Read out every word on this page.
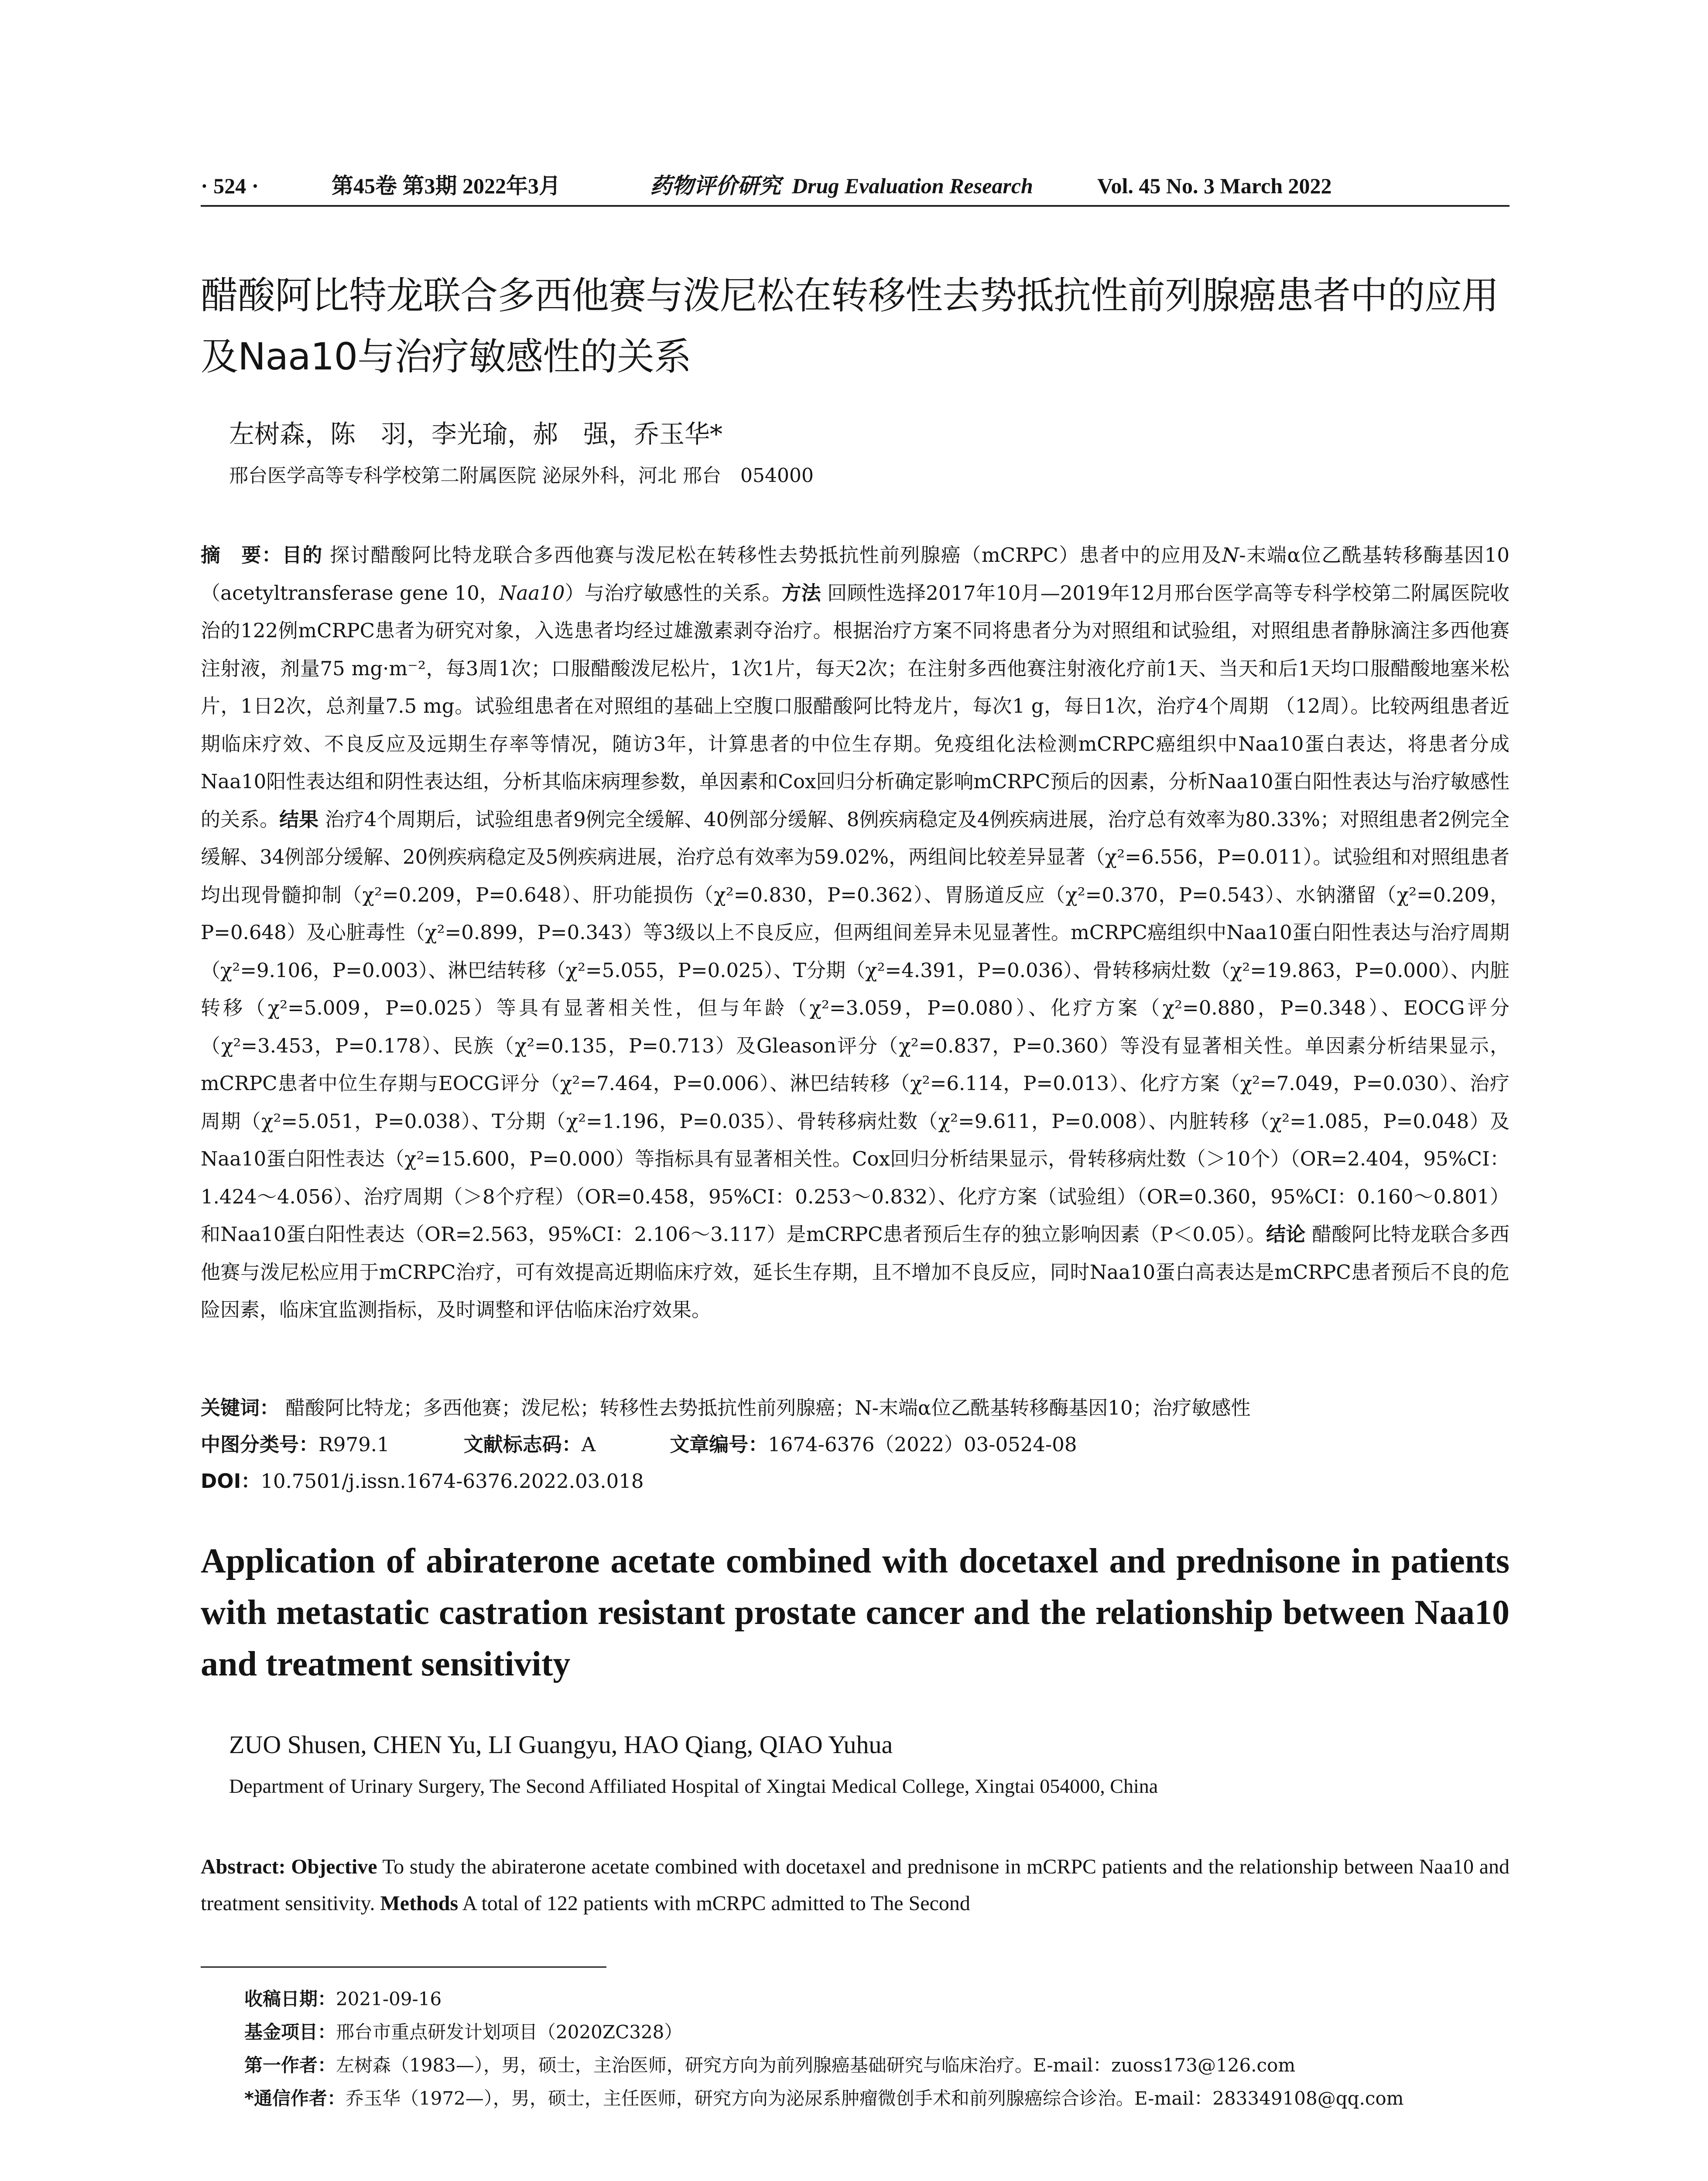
· 524 ·	第45卷 第3期 2022年3月	药物评价研究 Drug Evaluation Research	Vol. 45 No. 3 March 2022
醋酸阿比特龙联合多西他赛与泼尼松在转移性去势抵抗性前列腺癌患者中的应用及Naa10与治疗敏感性的关系
左树森，陈　羽，李光瑜，郝　强，乔玉华*
邢台医学高等专科学校第二附属医院 泌尿外科，河北 邢台　054000
摘　要：目的 探讨醋酸阿比特龙联合多西他赛与泼尼松在转移性去势抵抗性前列腺癌（mCRPC）患者中的应用及N-末端α位乙酰基转移酶基因10（acetyltransferase gene 10，Naa10）与治疗敏感性的关系。方法 回顾性选择2017年10月—2019年12月邢台医学高等专科学校第二附属医院收治的122例mCRPC患者为研究对象，入选患者均经过雄激素剥夺治疗。根据治疗方案不同将患者分为对照组和试验组，对照组患者静脉滴注多西他赛注射液，剂量75 mg·m⁻²，每3周1次；口服醋酸泼尼松片，1次1片，每天2次；在注射多西他赛注射液化疗前1天、当天和后1天均口服醋酸地塞米松片，1日2次，总剂量7.5 mg。试验组患者在对照组的基础上空腹口服醋酸阿比特龙片，每次1 g，每日1次，治疗4个周期 （12周）。比较两组患者近期临床疗效、不良反应及远期生存率等情况，随访3年，计算患者的中位生存期。免疫组化法检测mCRPC癌组织中Naa10蛋白表达，将患者分成Naa10阳性表达组和阴性表达组，分析其临床病理参数，单因素和Cox回归分析确定影响mCRPC预后的因素，分析Naa10蛋白阳性表达与治疗敏感性的关系。结果 治疗4个周期后，试验组患者9例完全缓解、40例部分缓解、8例疾病稳定及4例疾病进展，治疗总有效率为80.33%；对照组患者2例完全缓解、34例部分缓解、20例疾病稳定及5例疾病进展，治疗总有效率为59.02%，两组间比较差异显著（χ²=6.556，P=0.011）。试验组和对照组患者均出现骨髓抑制（χ²=0.209，P=0.648）、肝功能损伤（χ²=0.830，P=0.362）、胃肠道反应（χ²=0.370，P=0.543）、水钠潴留（χ²=0.209，P=0.648）及心脏毒性（χ²=0.899，P=0.343）等3级以上不良反应，但两组间差异未见显著性。mCRPC癌组织中Naa10蛋白阳性表达与治疗周期（χ²=9.106，P=0.003）、淋巴结转移（χ²=5.055，P=0.025）、T分期（χ²=4.391，P=0.036）、骨转移病灶数（χ²=19.863，P=0.000）、内脏转移（χ²=5.009，P=0.025）等具有显著相关性，但与年龄（χ²=3.059，P=0.080）、化疗方案（χ²=0.880，P=0.348）、EOCG评分（χ²=3.453，P=0.178）、民族（χ²=0.135，P=0.713）及Gleason评分（χ²=0.837，P=0.360）等没有显著相关性。单因素分析结果显示，mCRPC患者中位生存期与EOCG评分（χ²=7.464，P=0.006）、淋巴结转移（χ²=6.114，P=0.013）、化疗方案（χ²=7.049，P=0.030）、治疗周期（χ²=5.051，P=0.038）、T分期（χ²=1.196，P=0.035）、骨转移病灶数（χ²=9.611，P=0.008）、内脏转移（χ²=1.085，P=0.048）及Naa10蛋白阳性表达（χ²=15.600，P=0.000）等指标具有显著相关性。Cox回归分析结果显示，骨转移病灶数（＞10个）（OR=2.404，95%CI：1.424～4.056）、治疗周期（＞8个疗程）（OR=0.458，95%CI：0.253～0.832）、化疗方案（试验组）（OR=0.360，95%CI：0.160～0.801）和Naa10蛋白阳性表达（OR=2.563，95%CI：2.106～3.117）是mCRPC患者预后生存的独立影响因素（P＜0.05）。结论 醋酸阿比特龙联合多西他赛与泼尼松应用于mCRPC治疗，可有效提高近期临床疗效，延长生存期，且不增加不良反应，同时Naa10蛋白高表达是mCRPC患者预后不良的危险因素，临床宜监测指标，及时调整和评估临床治疗效果。
关键词： 醋酸阿比特龙；多西他赛；泼尼松；转移性去势抵抗性前列腺癌；N-末端α位乙酰基转移酶基因10；治疗敏感性
中图分类号：R979.1	文献标志码：A	文章编号：1674-6376（2022）03-0524-08
DOI：10.7501/j.issn.1674-6376.2022.03.018
Application of abiraterone acetate combined with docetaxel and prednisone in patients with metastatic castration resistant prostate cancer and the relationship between Naa10 and treatment sensitivity
ZUO Shusen, CHEN Yu, LI Guangyu, HAO Qiang, QIAO Yuhua
Department of Urinary Surgery, The Second Affiliated Hospital of Xingtai Medical College, Xingtai 054000, China
Abstract: Objective To study the abiraterone acetate combined with docetaxel and prednisone in mCRPC patients and the relationship between Naa10 and treatment sensitivity. Methods A total of 122 patients with mCRPC admitted to The Second
收稿日期：2021-09-16
基金项目：邢台市重点研发计划项目（2020ZC328）
第一作者：左树森（1983—），男，硕士，主治医师，研究方向为前列腺癌基础研究与临床治疗。E-mail：zuoss173@126.com
*通信作者：乔玉华（1972—），男，硕士，主任医师，研究方向为泌尿系肿瘤微创手术和前列腺癌综合诊治。E-mail：283349108@qq.com
